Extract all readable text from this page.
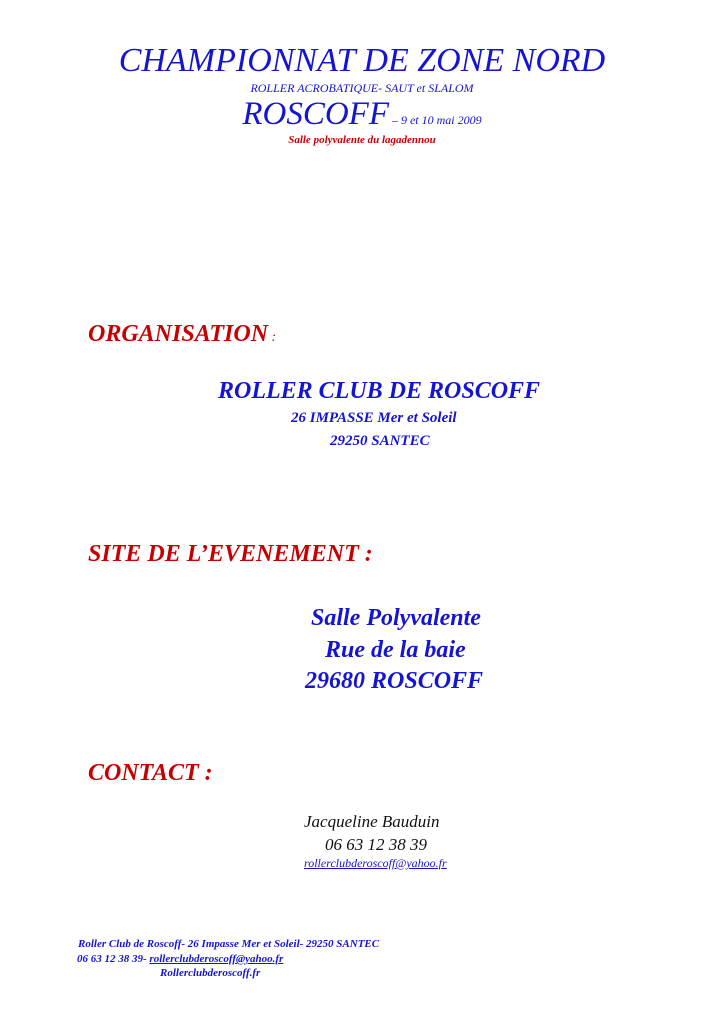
CHAMPIONNAT DE ZONE NORD
ROLLER ACROBATIQUE- SAUT et SLALOM
ROSCOFF – 9 et 10 mai 2009
Salle polyvalente du lagadennou
ORGANISATION :
ROLLER CLUB DE ROSCOFF
26 IMPASSE Mer et Soleil
29250 SANTEC
SITE DE L’EVENEMENT :
Salle Polyvalente
Rue de la baie
29680 ROSCOFF
CONTACT :
Jacqueline Bauduin
06 63 12 38 39
rollerclubderoscoff@yahoo.fr
Roller Club de Roscoff- 26 Impasse Mer et Soleil- 29250 SANTEC
06 63 12 38 39- rollerclubderoscoff@yahoo.fr
Rollerclubderoscoff.fr
